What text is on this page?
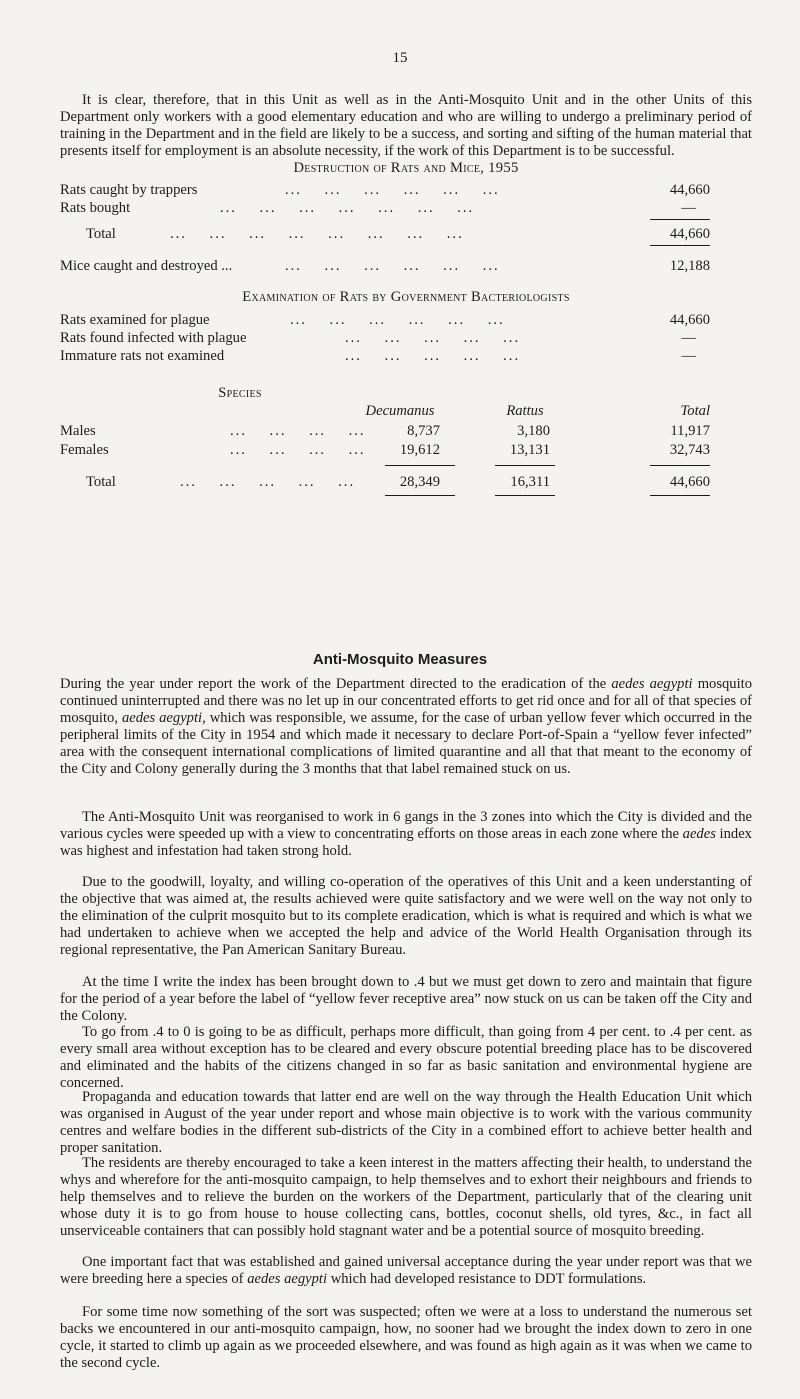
15

It is clear, therefore, that in this Unit as well as in the Anti-Mosquito Unit and in the other Units of this Department only workers with a good elementary education and who are willing to undergo a preliminary period of training in the Department and in the field are likely to be a success, and sorting and sifting of the human material that presents itself for employment is an absolute necessity, if the work of this Department is to be successful.

Destruction of Rats and Mice, 1955
Rats caught by trappers	...    ...    ...    ...    ...    ...	44,660
Rats bought	...    ...    ...    ...    ...    ...    ...	—
Total	...    ...    ...    ...    ...    ...    ...    ...	44,660
Mice caught and destroyed ...	...    ...    ...    ...    ...    ...	12,188
Examination of Rats by Government Bacteriologists
Rats examined for plague	...    ...    ...    ...    ...    ...	44,660
Rats found infected with plague	...    ...    ...    ...    ...	—
Immature rats not examined	...    ...    ...    ...    ...	—
Species
Decumanus	Rattus	Total
Males	...    ...    ...    ...	8,737	3,180	11,917
Females	...    ...    ...    ...	19,612	13,131	32,743
Total	...    ...    ...    ...    ...	28,349	16,311	44,660
Anti-Mosquito Measures

During the year under report the work of the Department directed to the eradication of the aedes aegypti mosquito continued uninterrupted and there was no let up in our concentrated efforts to get rid once and for all of that species of mosquito, aedes aegypti, which was responsible, we assume, for the case of urban yellow fever which occurred in the peripheral limits of the City in 1954 and which made it necessary to declare Port-of-Spain a “yellow fever infected” area with the consequent international complications of limited quarantine and all that that meant to the economy of the City and Colony generally during the 3 months that that label remained stuck on us.

The Anti-Mosquito Unit was reorganised to work in 6 gangs in the 3 zones into which the City is divided and the various cycles were speeded up with a view to concentrating efforts on those areas in each zone where the aedes index was highest and infestation had taken strong hold.

Due to the goodwill, loyalty, and willing co-operation of the operatives of this Unit and a keen understanting of the objective that was aimed at, the results achieved were quite satisfactory and we were well on the way not only to the elimination of the culprit mosquito but to its complete eradication, which is what is required and which is what we had undertaken to achieve when we accepted the help and advice of the World Health Organisation through its regional representative, the Pan American Sanitary Bureau.

At the time I write the index has been brought down to .4 but we must get down to zero and maintain that figure for the period of a year before the label of “yellow fever receptive area” now stuck on us can be taken off the City and the Colony.

To go from .4 to 0 is going to be as difficult, perhaps more difficult, than going from 4 per cent. to .4 per cent. as every small area without exception has to be cleared and every obscure potential breeding place has to be discovered and eliminated and the habits of the citizens changed in so far as basic sanitation and environmental hygiene are concerned.

Propaganda and education towards that latter end are well on the way through the Health Education Unit which was organised in August of the year under report and whose main objective is to work with the various community centres and welfare bodies in the different sub-districts of the City in a combined effort to achieve better health and proper sanitation.

The residents are thereby encouraged to take a keen interest in the matters affecting their health, to understand the whys and wherefore for the anti-mosquito campaign, to help themselves and to exhort their neighbours and friends to help themselves and to relieve the burden on the workers of the Department, particularly that of the clearing unit whose duty it is to go from house to house collecting cans, bottles, coconut shells, old tyres, &c., in fact all unserviceable containers that can possibly hold stagnant water and be a potential source of mosquito breeding.

One important fact that was established and gained universal acceptance during the year under report was that we were breeding here a species of aedes aegypti which had developed resistance to DDT formulations.

For some time now something of the sort was suspected; often we were at a loss to understand the numerous set backs we encountered in our anti-mosquito campaign, how, no sooner had we brought the index down to zero in one cycle, it started to climb up again as we proceeded elsewhere, and was found as high again as it was when we came to the second cycle.
